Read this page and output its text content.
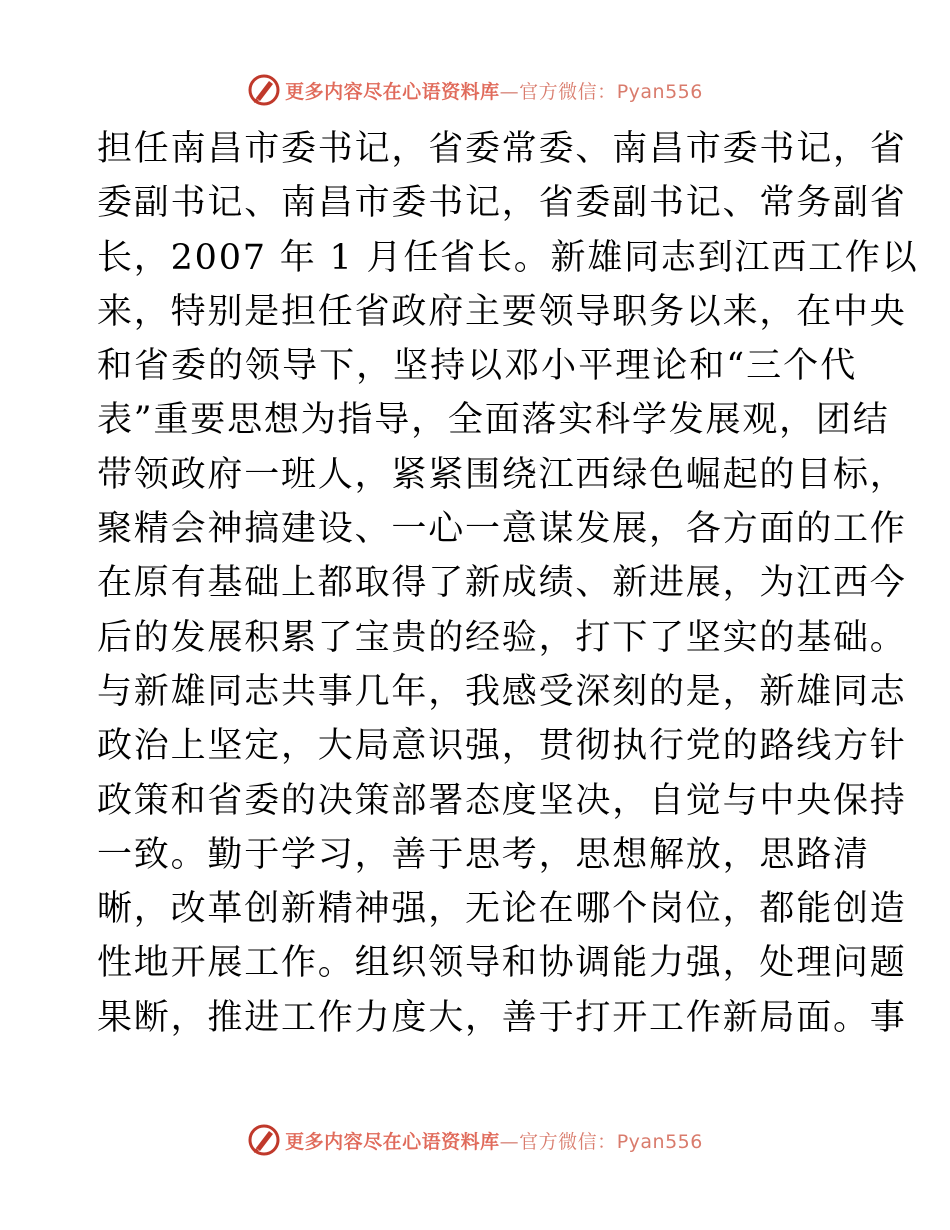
更多内容尽在心语资料库—官方微信：Pyan556
担任南昌市委书记，省委常委、南昌市委书记，省
委副书记、南昌市委书记，省委副书记、常务副省
长，2007 年 1 月任省长。新雄同志到江西工作以
来，特别是担任省政府主要领导职务以来，在中央
和省委的领导下，坚持以邓小平理论和“三个代
表”重要思想为指导，全面落实科学发展观，团结
带领政府一班人，紧紧围绕江西绿色崛起的目标，
聚精会神搞建设、一心一意谋发展，各方面的工作
在原有基础上都取得了新成绩、新进展，为江西今
后的发展积累了宝贵的经验，打下了坚实的基础。
与新雄同志共事几年，我感受深刻的是，新雄同志
政治上坚定，大局意识强，贯彻执行党的路线方针
政策和省委的决策部署态度坚决，自觉与中央保持
一致。勤于学习，善于思考，思想解放，思路清
晰，改革创新精神强，无论在哪个岗位，都能创造
性地开展工作。组织领导和协调能力强，处理问题
果断，推进工作力度大，善于打开工作新局面。事
更多内容尽在心语资料库—官方微信：Pyan556
